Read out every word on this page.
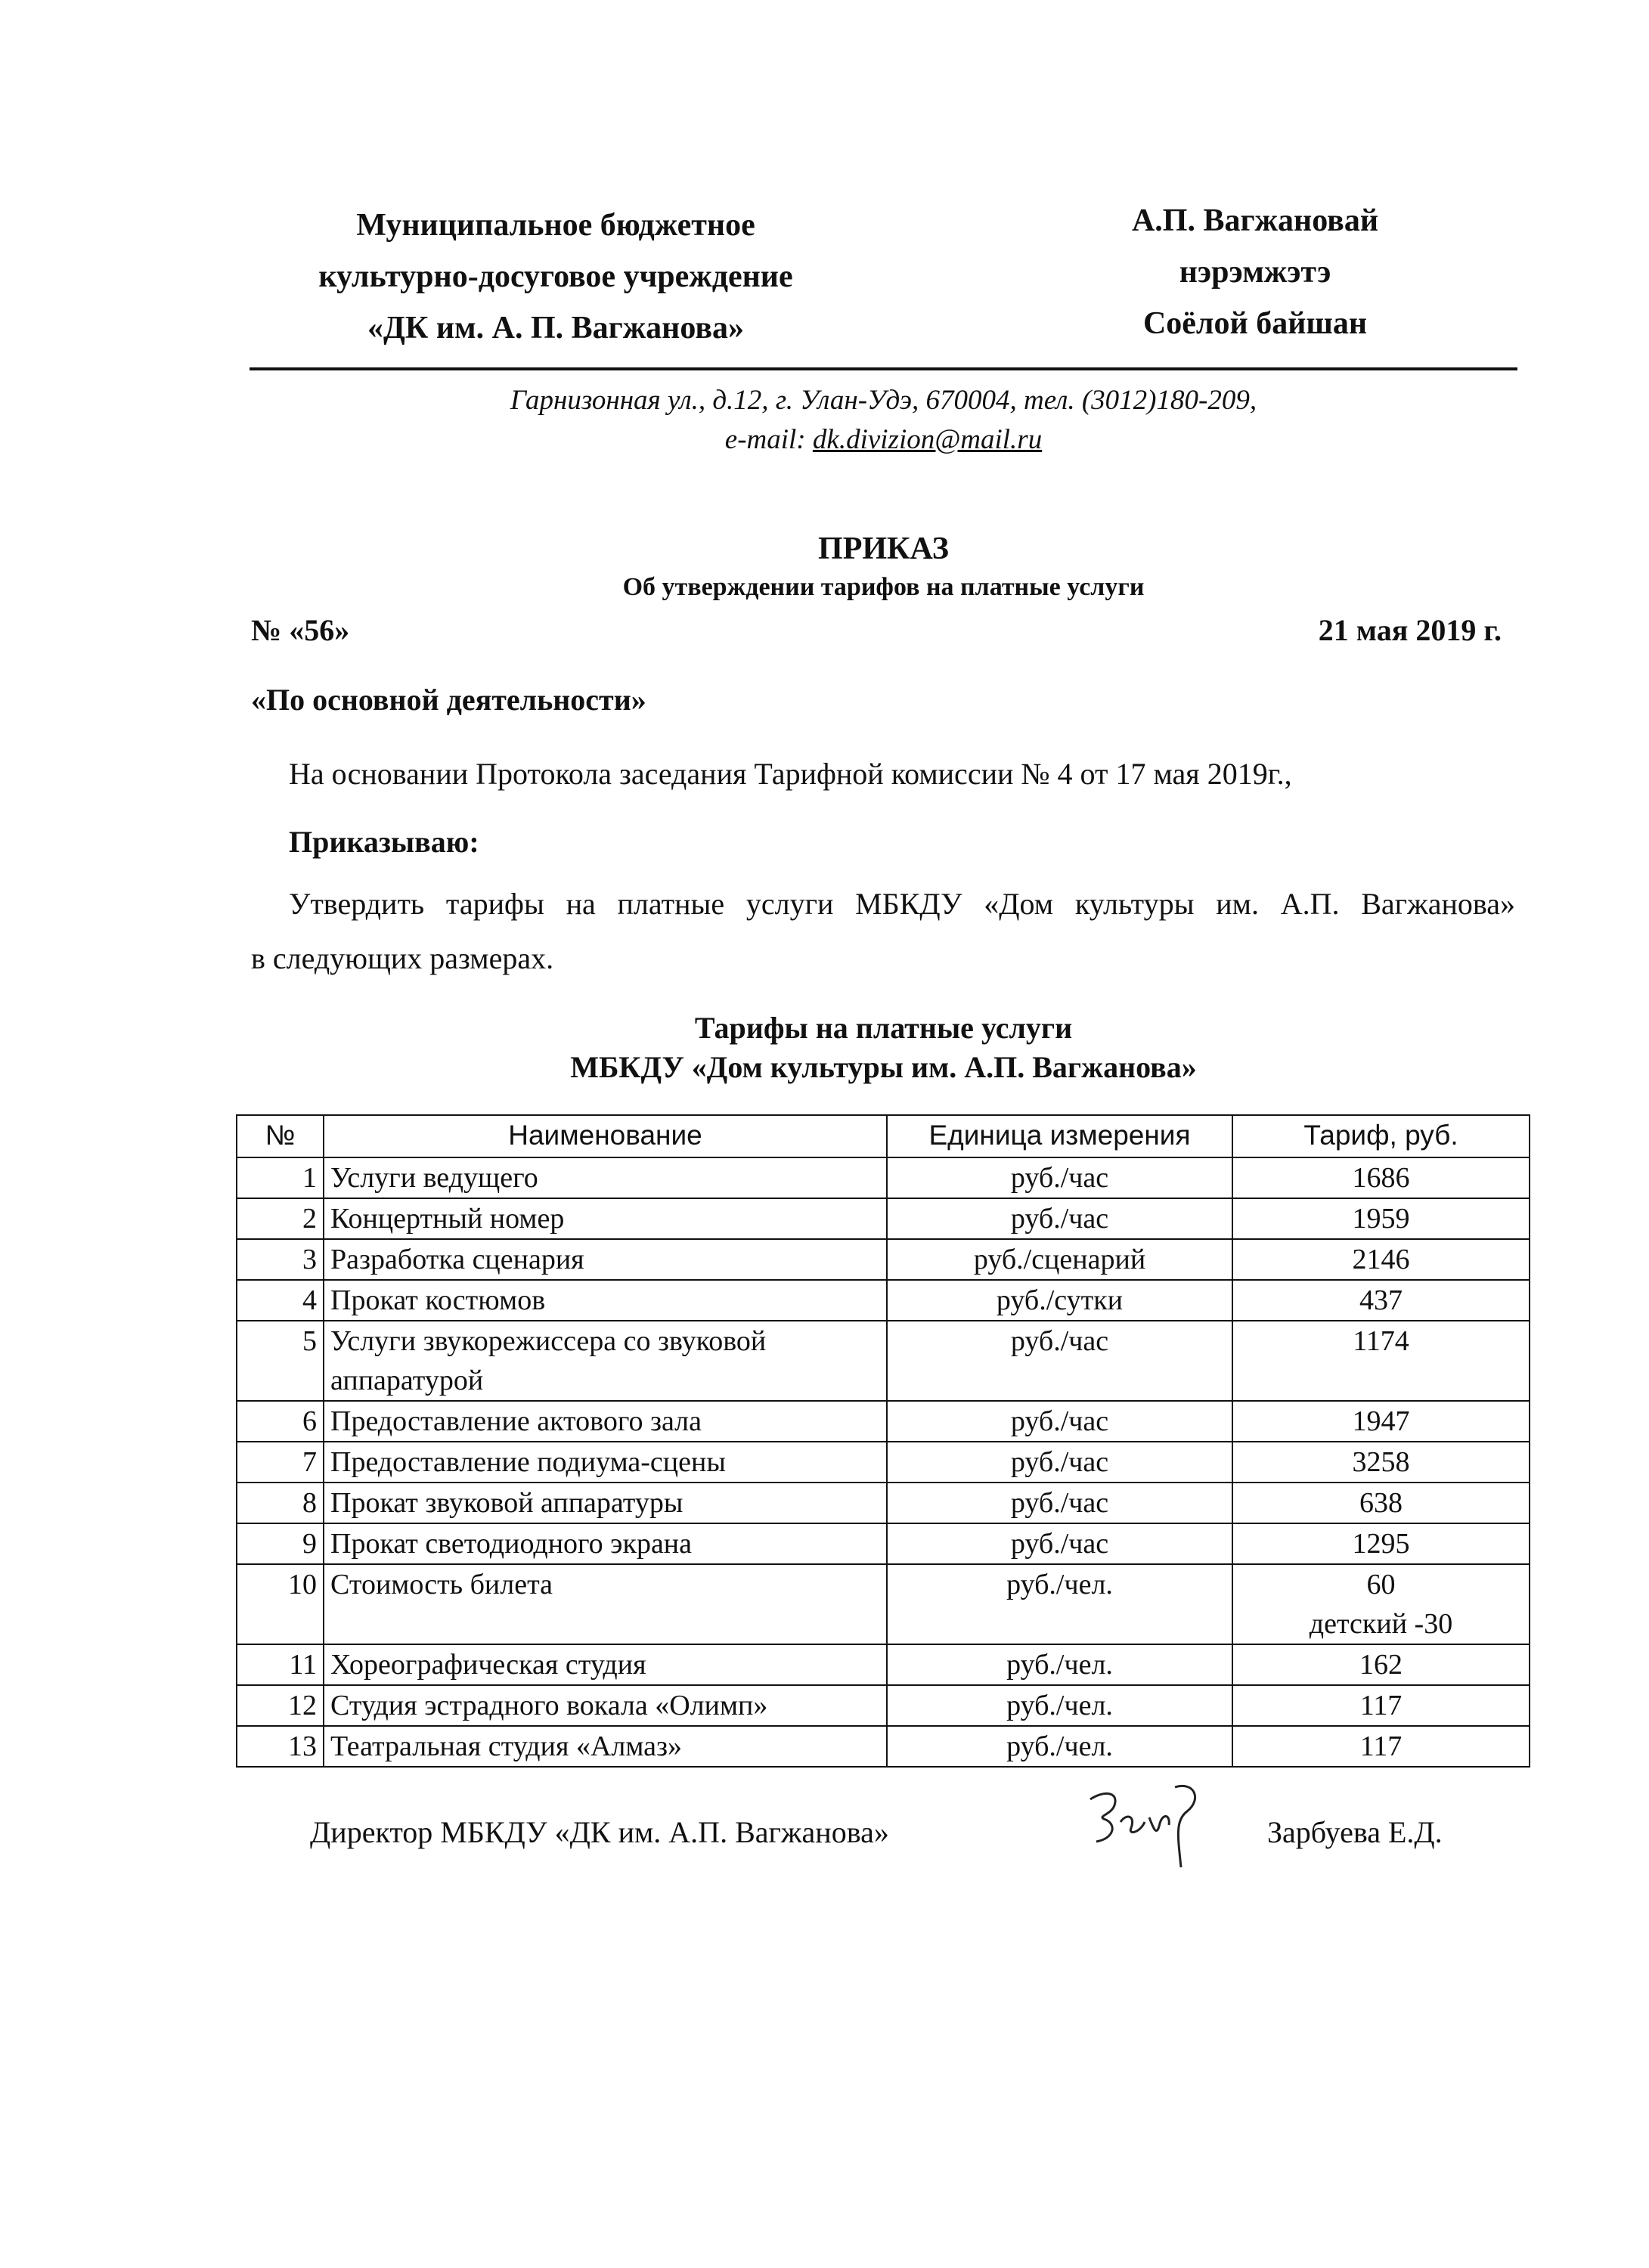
Муниципальное бюджетное
культурно-досуговое учреждение
«ДК им. А. П. Вагжанова»
А.П. Вагжановай
нэрэмжэтэ
Соёлой байшан
Гарнизонная ул., д.12, г. Улан-Удэ, 670004, тел. (3012)180-209,
e-mail: dk.divizion@mail.ru
ПРИКАЗ
Об утверждении тарифов на платные услуги
№ «56»	21 мая 2019 г.
«По основной деятельности»
На основании Протокола заседания Тарифной комиссии № 4 от 17 мая 2019г.,
Приказываю:
Утвердить тарифы на платные услуги МБКДУ «Дом культуры им. А.П. Вагжанова»
в следующих размерах.
Тарифы на платные услуги
МБКДУ «Дом культуры им. А.П. Вагжанова»
№	Наименование	Единица измерения	Тариф, руб.

1	Услуги ведущего	руб./час	1686

2	Концертный номер	руб./час	1959

3	Разработка сценария	руб./сценарий	2146

4	Прокат костюмов	руб./сутки	437

5	Услуги звукорежиссера со звуковой аппаратурой	руб./час	1174

6	Предоставление актового зала	руб./час	1947

7	Предоставление подиума-сцены	руб./час	3258

8	Прокат звуковой аппаратуры	руб./час	638

9	Прокат светодиодного экрана	руб./час	1295

10	Стоимость билета	руб./чел.	60
детский -30

11	Хореографическая студия	руб./чел.	162

12	Студия эстрадного вокала «Олимп»	руб./чел.	117

13	Театральная студия «Алмаз»	руб./чел.	117
Директор МБКДУ «ДК им. А.П. Вагжанова»	Зарбуева Е.Д.
